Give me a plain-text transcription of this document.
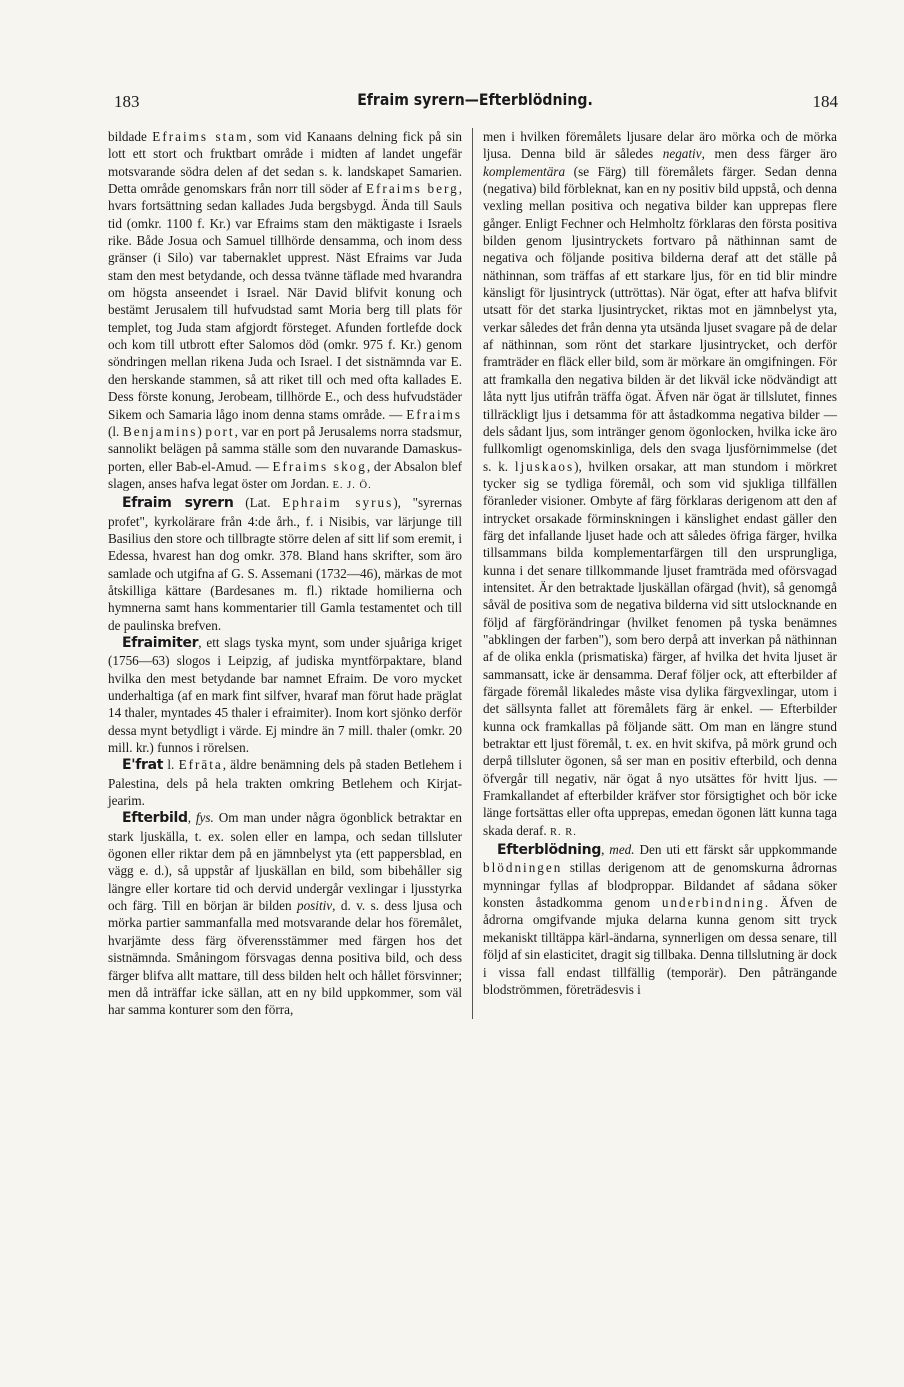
183	Efraim syrern—Efterblödning.	184

bildade Efraims stam, som vid Kanaans delning fick på sin lott ett stort och fruktbart område i midten af landet ungefär motsvarande södra delen af det sedan s. k. landskapet Samarien. Detta område genomskars från norr till söder af Efraims berg, hvars fortsättning sedan kallades Juda bergsbygd. Ända till Sauls tid (omkr. 1100 f. Kr.) var Efraims stam den mäktigaste i Israels rike. Både Josua och Samuel tillhörde densamma, och inom dess gränser (i Silo) var tabernaklet upprest. Näst Efraims var Juda stam den mest betydande, och dessa tvänne täflade med hvarandra om högsta anseendet i Israel. När David blifvit konung och bestämt Jerusalem till hufvudstad samt Moria berg till plats för templet, tog Juda stam afgjordt försteget. Afunden fortlefde dock och kom till utbrott efter Salomos död (omkr. 975 f. Kr.) genom söndringen mellan rikena Juda och Israel. I det sistnämnda var E. den herskande stammen, så att riket till och med ofta kallades E. Dess förste konung, Jerobeam, tillhörde E., och dess hufvudstäder Sikem och Samaria lågo inom denna stams område. — Efraims (l. Benjamins) port, var en port på Jerusalems norra stadsmur, sannolikt belägen på samma ställe som den nuvarande Damaskus-porten, eller Bab-el-Amud. — Efraims skog, der Absalon blef slagen, anses hafva legat öster om Jordan. E. J. Ö.

Efraim syrern (Lat. Ephraim syrus), "syrernas profet", kyrkolärare från 4:de årh., f. i Nisibis, var lärjunge till Basilius den store och tillbragte större delen af sitt lif som eremit, i Edessa, hvarest han dog omkr. 378. Bland hans skrifter, som äro samlade och utgifna af G. S. Assemani (1732—46), märkas de mot åtskilliga kättare (Bardesanes m. fl.) riktade homilierna och hymnerna samt hans kommentarier till Gamla testamentet och till de paulinska brefven.

Efraimiter, ett slags tyska mynt, som under sjuåriga kriget (1756—63) slogos i Leipzig, af judiska myntförpaktare, bland hvilka den mest betydande bar namnet Efraim. De voro mycket underhaltiga (af en mark fint silfver, hvaraf man förut hade präglat 14 thaler, myntades 45 thaler i efraimiter). Inom kort sjönko derför dessa mynt betydligt i värde. Ej mindre än 7 mill. thaler (omkr. 20 mill. kr.) funnos i rörelsen.

E'frat l. Efrāta, äldre benämning dels på staden Betlehem i Palestina, dels på hela trakten omkring Betlehem och Kirjat-jearim.

Efterbild, fys. Om man under några ögonblick betraktar en stark ljuskälla, t. ex. solen eller en lampa, och sedan tillsluter ögonen eller riktar dem på en jämnbelyst yta (ett pappersblad, en vägg e. d.), så uppstår af ljuskällan en bild, som bibehåller sig längre eller kortare tid och dervid undergår vexlingar i ljusstyrka och färg. Till en början är bilden positiv, d. v. s. dess ljusa och mörka partier sammanfalla med motsvarande delar hos föremålet, hvarjämte dess färg öfverensstämmer med färgen hos det sistnämnda. Småningom försvagas denna positiva bild, och dess färger blifva allt mattare, till dess bilden helt och hållet försvinner; men då inträffar icke sällan, att en ny bild uppkommer, som väl har samma konturer som den förra,

men i hvilken föremålets ljusare delar äro mörka och de mörka ljusa. Denna bild är således negativ, men dess färger äro komplementära (se Färg) till föremålets färger. Sedan denna (negativa) bild förbleknat, kan en ny positiv bild uppstå, och denna vexling mellan positiva och negativa bilder kan upprepas flere gånger. Enligt Fechner och Helmholtz förklaras den första positiva bilden genom ljusintryckets fortvaro på näthinnan samt de negativa och följande positiva bilderna deraf att det ställe på näthinnan, som träffas af ett starkare ljus, för en tid blir mindre känsligt för ljusintryck (uttröttas). När ögat, efter att hafva blifvit utsatt för det starka ljusintrycket, riktas mot en jämnbelyst yta, verkar således det från denna yta utsända ljuset svagare på de delar af näthinnan, som rönt det starkare ljusintrycket, och derför framträder en fläck eller bild, som är mörkare än omgifningen. För att framkalla den negativa bilden är det likväl icke nödvändigt att låta nytt ljus utifrån träffa ögat. Äfven när ögat är tillslutet, finnes tillräckligt ljus i detsamma för att åstadkomma negativa bilder — dels sådant ljus, som intränger genom ögonlocken, hvilka icke äro fullkomligt ogenomskinliga, dels den svaga ljusförnimmelse (det s. k. ljuskaos), hvilken orsakar, att man stundom i mörkret tycker sig se tydliga föremål, och som vid sjukliga tillfällen föranleder visioner. Ombyte af färg förklaras derigenom att den af intrycket orsakade förminskningen i känslighet endast gäller den färg det infallande ljuset hade och att således öfriga färger, hvilka tillsammans bilda komplementarfärgen till den ursprungliga, kunna i det senare tillkommande ljuset framträda med oförsvagad intensitet. Är den betraktade ljuskällan ofärgad (hvit), så genomgå såväl de positiva som de negativa bilderna vid sitt utslocknande en följd af färgförändringar (hvilket fenomen på tyska benämnes "abklingen der farben"), som bero derpå att inverkan på näthinnan af de olika enkla (prismatiska) färger, af hvilka det hvita ljuset är sammansatt, icke är densamma. Deraf följer ock, att efterbilder af färgade föremål likaledes måste visa dylika färgvexlingar, utom i det sällsynta fallet att föremålets färg är enkel. — Efterbilder kunna ock framkallas på följande sätt. Om man en längre stund betraktar ett ljust föremål, t. ex. en hvit skifva, på mörk grund och derpå tillsluter ögonen, så ser man en positiv efterbild, och denna öfvergår till negativ, när ögat å nyo utsättes för hvitt ljus. — Framkallandet af efterbilder kräfver stor försigtighet och bör icke länge fortsättas eller ofta upprepas, emedan ögonen lätt kunna taga skada deraf. R. R.

Efterblödning, med. Den uti ett färskt sår uppkommande blödningen stillas derigenom att de genomskurna ådrornas mynningar fyllas af blodproppar. Bildandet af sådana söker konsten åstadkomma genom underbindning. Äfven de ådrorna omgifvande mjuka delarna kunna genom sitt tryck mekaniskt tilltäppa kärl-ändarna, synnerligen om dessa senare, till följd af sin elasticitet, dragit sig tillbaka. Denna tillslutning är dock i vissa fall endast tillfällig (temporär). Den påträngande blodströmmen, företrädesvis i
